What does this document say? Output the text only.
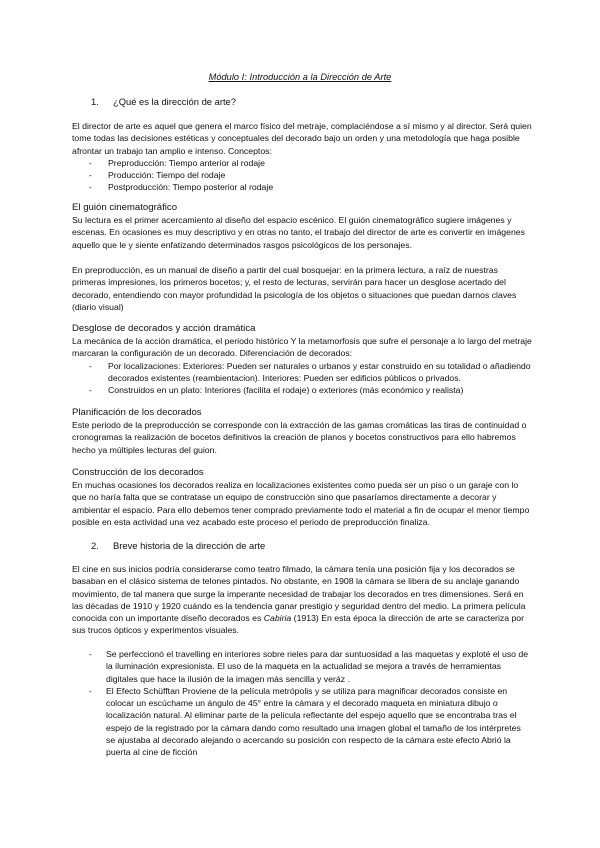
Módulo I: Introducción a la Dirección de Arte
1. ¿Qué es la dirección de arte?

El director de arte es aquel que genera el marco físico del metraje, complaciéndose a sí mismo y al director. Será quien tome todas las decisiones estéticas y conceptuales del decorado bajo un orden y una metodología que haga posible afrontar un trabajo tan amplio e intenso. Conceptos:

- Preproducción: Tiempo anterior al rodaje
- Producción: Tiempo del rodaje
- Postproducción: Tiempo posterior al rodaje
El guión cinematográfico

Su lectura es el primer acercamiento al diseño del espacio escénico. El guión cinematográfico sugiere imágenes y escenas. En ocasiones es muy descriptivo y en otras no tanto, el trabajo del director de arte es convertir en imágenes aquello que le y siente enfatizando determinados rasgos psicológicos de los personajes.

En preproducción, es un manual de diseño a partir del cual bosquejar: en la primera lectura, a raíz de nuestras primeras impresiones, los primeros bocetos; y, el resto de lecturas, servirán para hacer un desglose acertado del decorado, entendiendo con mayor profundidad la psicología de los objetos o situaciones que puedan darnos claves (diario visual)

Desglose de decorados y acción dramática

La mecánica de la acción dramática, el periodo histórico Y la metamorfosis que sufre el personaje a lo largo del metraje marcaran la configuración de un decorado. Diferenciación de decorados:

- Por localizaciones: Exteriores: Pueden ser naturales o urbanos y estar construido en su totalidad o añadiendo decorados existentes (reambientacion). Interiores: Pueden ser edificios públicos o privados.
- Construidos en un plato: Interiores (facilita el rodaje) o exteriores (más económico y realista)
Planificación de los decorados

Este periodo de la preproducción se corresponde con la extracción de las gamas cromáticas las tiras de continuidad o cronogramas la realización de bocetos definitivos la creación de planos y bocetos constructivos para ello habremos hecho ya múltiples lecturas del guion.

Construcción de los decorados

En muchas ocasiones los decorados realiza en localizaciones existentes como pueda ser un piso o un garaje con lo que no haría falta que se contratase un equipo de construcción sino que pasaríamos directamente a decorar y ambientar el espacio. Para ello debemos tener comprado previamente todo el material a fin de ocupar el menor tiempo posible en esta actividad una vez acabado este proceso el periodo de preproducción finaliza.

2. Breve historia de la dirección de arte

El cine en sus inicios podría considerarse como teatro filmado, la cámara tenía una posición fija y los decorados se basaban en el clásico sistema de telones pintados. No obstante, en 1908 la cámara se libera de su anclaje ganando movimiento, de tal manera que surge la imperante necesidad de trabajar los decorados en tres dimensiones. Será en las décadas de 1910 y 1920 cuándo es la tendencia ganar prestigio y seguridad dentro del medio. La primera película conocida con un importante diseño decorados es Cabiria (1913) En esta época la dirección de arte se caracteriza por sus trucos ópticos y experimentos visuales.

- Se perfeccionó el travelling en interiores sobre rieles para dar suntuosidad a las maquetas y exploté el uso de la iluminación expresionista. El uso de la maqueta en la actualidad se mejora a través de herramientas digitales que hace la ilusión de la imagen más sencilla y veráz .
- El Efecto Schüfftan Proviene de la película metrópolis y se utiliza para magnificar decorados consiste en colocar un escúchame un ángulo de 45° entre la cámara y el decorado maqueta en miniatura dibujo o localización natural. Al eliminar parte de la película reflectante del espejo aquello que se encontraba tras el espejo de la registrado por la cámara dando como resultado una imagen global el tamaño de los intérpretes se ajustaba al decorado alejando o acercando su posición con respecto de la cámara este efecto Abrió la puerta al cine de ficción
